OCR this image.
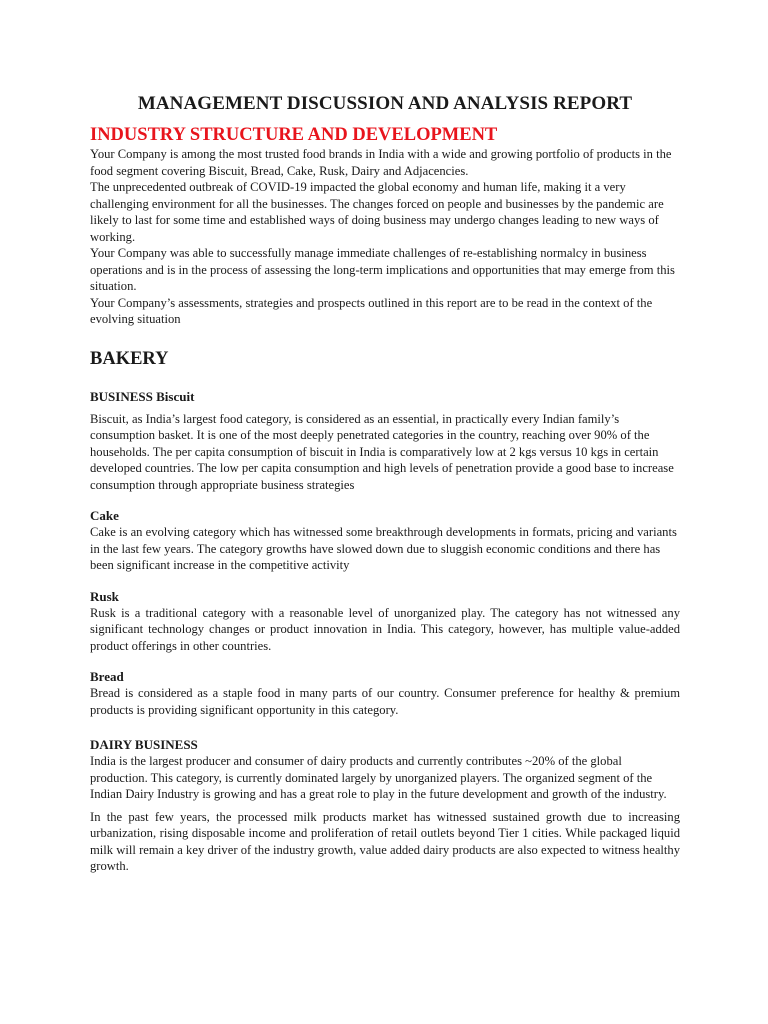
MANAGEMENT DISCUSSION AND ANALYSIS REPORT
INDUSTRY STRUCTURE AND DEVELOPMENT

Your Company is among the most trusted food brands in India with a wide and growing portfolio of products in the food segment covering Biscuit, Bread, Cake, Rusk, Dairy and Adjacencies.

The unprecedented outbreak of COVID-19 impacted the global economy and human life, making it a very challenging environment for all the businesses. The changes forced on people and businesses by the pandemic are likely to last for some time and established ways of doing business may undergo changes leading to new ways of working.

Your Company was able to successfully manage immediate challenges of re-establishing normalcy in business operations and is in the process of assessing the long-term implications and opportunities that may emerge from this situation.

Your Company’s assessments, strategies and prospects outlined in this report are to be read in the context of the evolving situation

BAKERY
BUSINESS Biscuit

Biscuit, as India’s largest food category, is considered as an essential, in practically every Indian family’s consumption basket. It is one of the most deeply penetrated categories in the country, reaching over 90% of the households. The per capita consumption of biscuit in India is comparatively low at 2 kgs versus 10 kgs in certain developed countries. The low per capita consumption and high levels of penetration provide a good base to increase consumption through appropriate business strategies

Cake

Cake is an evolving category which has witnessed some breakthrough developments in formats, pricing and variants in the last few years. The category growths have slowed down due to sluggish economic conditions and there has been significant increase in the competitive activity

Rusk

Rusk is a traditional category with a reasonable level of unorganized play. The category has not witnessed any significant technology changes or product innovation in India. This category, however, has multiple value-added product offerings in other countries.

Bread

Bread is considered as a staple food in many parts of our country. Consumer preference for healthy & premium products is providing significant opportunity in this category.

DAIRY BUSINESS

India is the largest producer and consumer of dairy products and currently contributes ~20% of the global production. This category, is currently dominated largely by unorganized players. The organized segment of the Indian Dairy Industry is growing and has a great role to play in the future development and growth of the industry.

In the past few years, the processed milk products market has witnessed sustained growth due to increasing urbanization, rising disposable income and proliferation of retail outlets beyond Tier 1 cities. While packaged liquid milk will remain a key driver of the industry growth, value added dairy products are also expected to witness healthy growth.
